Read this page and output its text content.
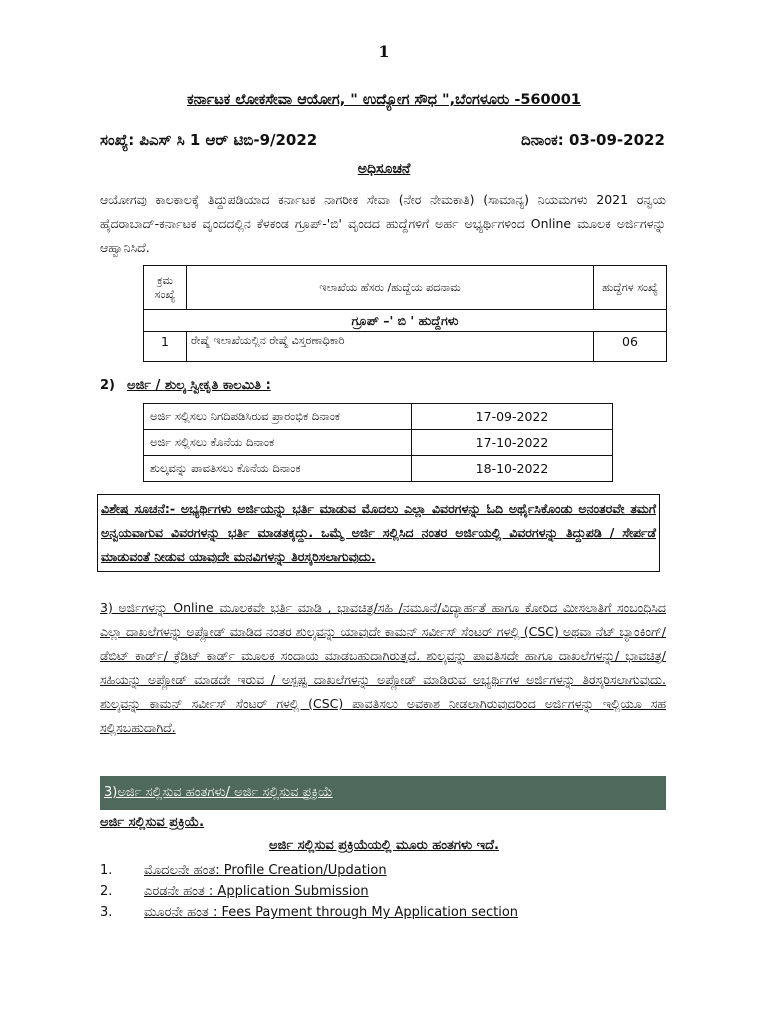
1
ಕರ್ನಾಟಕ ಲೋಕಸೇವಾ ಆಯೋಗ, " ಉದ್ಯೋಗ ಸೌಧ ",ಬೆಂಗಳೂರು -560001
ಸಂಖ್ಯೆ: ಪಿಎಸ್ ಸಿ 1 ಆರ್ ಟಿಬಿ-9/2022	ದಿನಾಂಕ: 03-09-2022
ಅಧಿಸೂಚನೆ
ಆಯೋಗವು ಕಾಲಕಾಲಕ್ಕೆ ತಿದ್ದುಪಡಿಯಾದ ಕರ್ನಾಟಕ ನಾಗರೀಕ ಸೇವಾ (ನೇರ ನೇಮಕಾತಿ) (ಸಾಮಾನ್ಯ) ನಿಯಮಗಳು 2021 ರನ್ವಯ ಹೈದರಾಬಾದ್-ಕರ್ನಾಟಕ ವೃಂದದಲ್ಲಿನ ಕೆಳಕಂಡ ಗ್ರೂಪ್-'ಬಿ' ವೃಂದದ ಹುದ್ದೆಗಳಿಗೆ ಅರ್ಹ ಅಭ್ಯರ್ಥಿಗಳಿಂದ Online ಮೂಲಕ ಅರ್ಜಿಗಳನ್ನು ಆಹ್ವಾನಿಸಿದೆ.
ಕ್ರಮ ಸಂಖ್ಯೆ	ಇಲಾಖೆಯ ಹೆಸರು /ಹುದ್ದೆಯ ಪದನಾಮ	ಹುದ್ದೆಗಳ ಸಂಖ್ಯೆ
ಗ್ರೂಪ್ –' ಬಿ ' ಹುದ್ದೆಗಳು		
1	ರೇಷ್ಮೆ ಇಲಾಖೆಯಲ್ಲಿನ ರೇಷ್ಮೆ ವಿಸ್ತರಣಾಧಿಕಾರಿ	06
2) ಅರ್ಜಿ / ಶುಲ್ಕ ಸ್ವೀಕೃತಿ ಕಾಲಮಿತಿ :
ಅರ್ಜಿ ಸಲ್ಲಿಸಲು ನಿಗದಿಪಡಿಸಿರುವ ಪ್ರಾರಂಭಿಕ ದಿನಾಂಕ	17-09-2022
ಅರ್ಜಿ ಸಲ್ಲಿಸಲು ಕೊನೆಯ ದಿನಾಂಕ	17-10-2022
ಶುಲ್ಕವನ್ನು ಪಾವತಿಸಲು ಕೊನೆಯ ದಿನಾಂಕ	18-10-2022
ವಿಶೇಷ ಸೂಚನೆ:- ಅಭ್ಯರ್ಥಿಗಳು ಅರ್ಜಿಯನ್ನು ಭರ್ತಿ ಮಾಡುವ ಮೊದಲು ಎಲ್ಲಾ ವಿವರಗಳನ್ನು ಓದಿ ಅರ್ಥೈಸಿಕೊಂಡು ಅನಂತರವೇ ತಮಗೆ ಅನ್ವಯವಾಗುವ ವಿವರಗಳನ್ನು ಭರ್ತಿ ಮಾಡತಕ್ಕದ್ದು. ಒಮ್ಮೆ ಅರ್ಜಿ ಸಲ್ಲಿಸಿದ ನಂತರ ಅರ್ಜಿಯಲ್ಲಿ ವಿವರಗಳನ್ನು ತಿದ್ದುಪಡಿ / ಸೇರ್ಪಡೆ ಮಾಡುವಂತೆ ನೀಡುವ ಯಾವುದೇ ಮನವಿಗಳನ್ನು ತಿರಸ್ಕರಿಸಲಾಗುವುದು.
3) ಅರ್ಜಿಗಳನ್ನು Online ಮೂಲಕವೇ ಭರ್ತಿ ಮಾಡಿ , ಭಾವಚಿತ್ರ/ಸಹಿ /ನಮೂನೆ/ವಿದ್ಯಾರ್ಹತೆ ಹಾಗೂ ಕೋರಿದ ಮೀಸಲಾತಿಗೆ ಸಂಬಂಧಿಸಿದ ಎಲ್ಲಾ ದಾಖಲೆಗಳನ್ನು ಅಪ್ಲೋಡ್ ಮಾಡಿದ ನಂತರ ಶುಲ್ಕವನ್ನು ಯಾವುದೇ ಕಾಮನ್ ಸರ್ವೀಸ್ ಸೆಂಟರ್ ಗಳಲ್ಲಿ (CSC) ಅಥವಾ ನೆಟ್ ಬ್ಯಾಂಕಿಂಗ್/ ಡೆಬಿಟ್ ಕಾರ್ಡ್/ ಕ್ರೆಡಿಟ್ ಕಾರ್ಡ್ ಮೂಲಕ ಸಂದಾಯ ಮಾಡಬಹುದಾಗಿರುತ್ತದೆ. ಶುಲ್ಕವನ್ನು ಪಾವತಿಸದೇ ಹಾಗೂ ದಾಖಲೆಗಳನ್ನು/ ಭಾವಚಿತ್ರ/ ಸಹಿಯನ್ನು ಅಪ್ಲೋಡ್ ಮಾಡದೇ ಇರುವ / ಅಸ್ಪಷ್ಟ ದಾಖಲೆಗಳನ್ನು ಅಪ್ಲೋಡ್ ಮಾಡಿರುವ ಅಭ್ಯರ್ಥಿಗಳ ಅರ್ಜಿಗಳನ್ನು ತಿರಸ್ಕರಿಸಲಾಗುವುದು. ಶುಲ್ಕವನ್ನು ಕಾಮನ್ ಸರ್ವೀಸ್ ಸೆಂಟರ್ ಗಳಲ್ಲಿ (CSC) ಪಾವತಿಸಲು ಅವಕಾಶ ನೀಡಲಾಗಿರುವುದರಿಂದ ಅರ್ಜಿಗಳನ್ನು ಇಲ್ಲಿಯೂ ಸಹ ಸಲ್ಲಿಸಬಹುದಾಗಿದೆ.
3)ಅರ್ಜಿ ಸಲ್ಲಿಸುವ ಹಂತಗಳು/ ಅರ್ಜಿ ಸಲ್ಲಿಸುವ ಪ್ರಕ್ರಿಯೆ
ಅರ್ಜಿ ಸಲ್ಲಿಸುವ ಪ್ರಕ್ರಿಯೆ.
ಅರ್ಜಿ ಸಲ್ಲಿಸುವ ಪ್ರಕ್ರಿಯೆಯಲ್ಲಿ ಮೂರು ಹಂತಗಳು ಇದೆ.
1. ಮೊದಲನೇ ಹಂತ: Profile Creation/Updation
2. ಎರಡನೇ ಹಂತ : Application Submission
3. ಮೂರನೇ ಹಂತ : Fees Payment through My Application section
